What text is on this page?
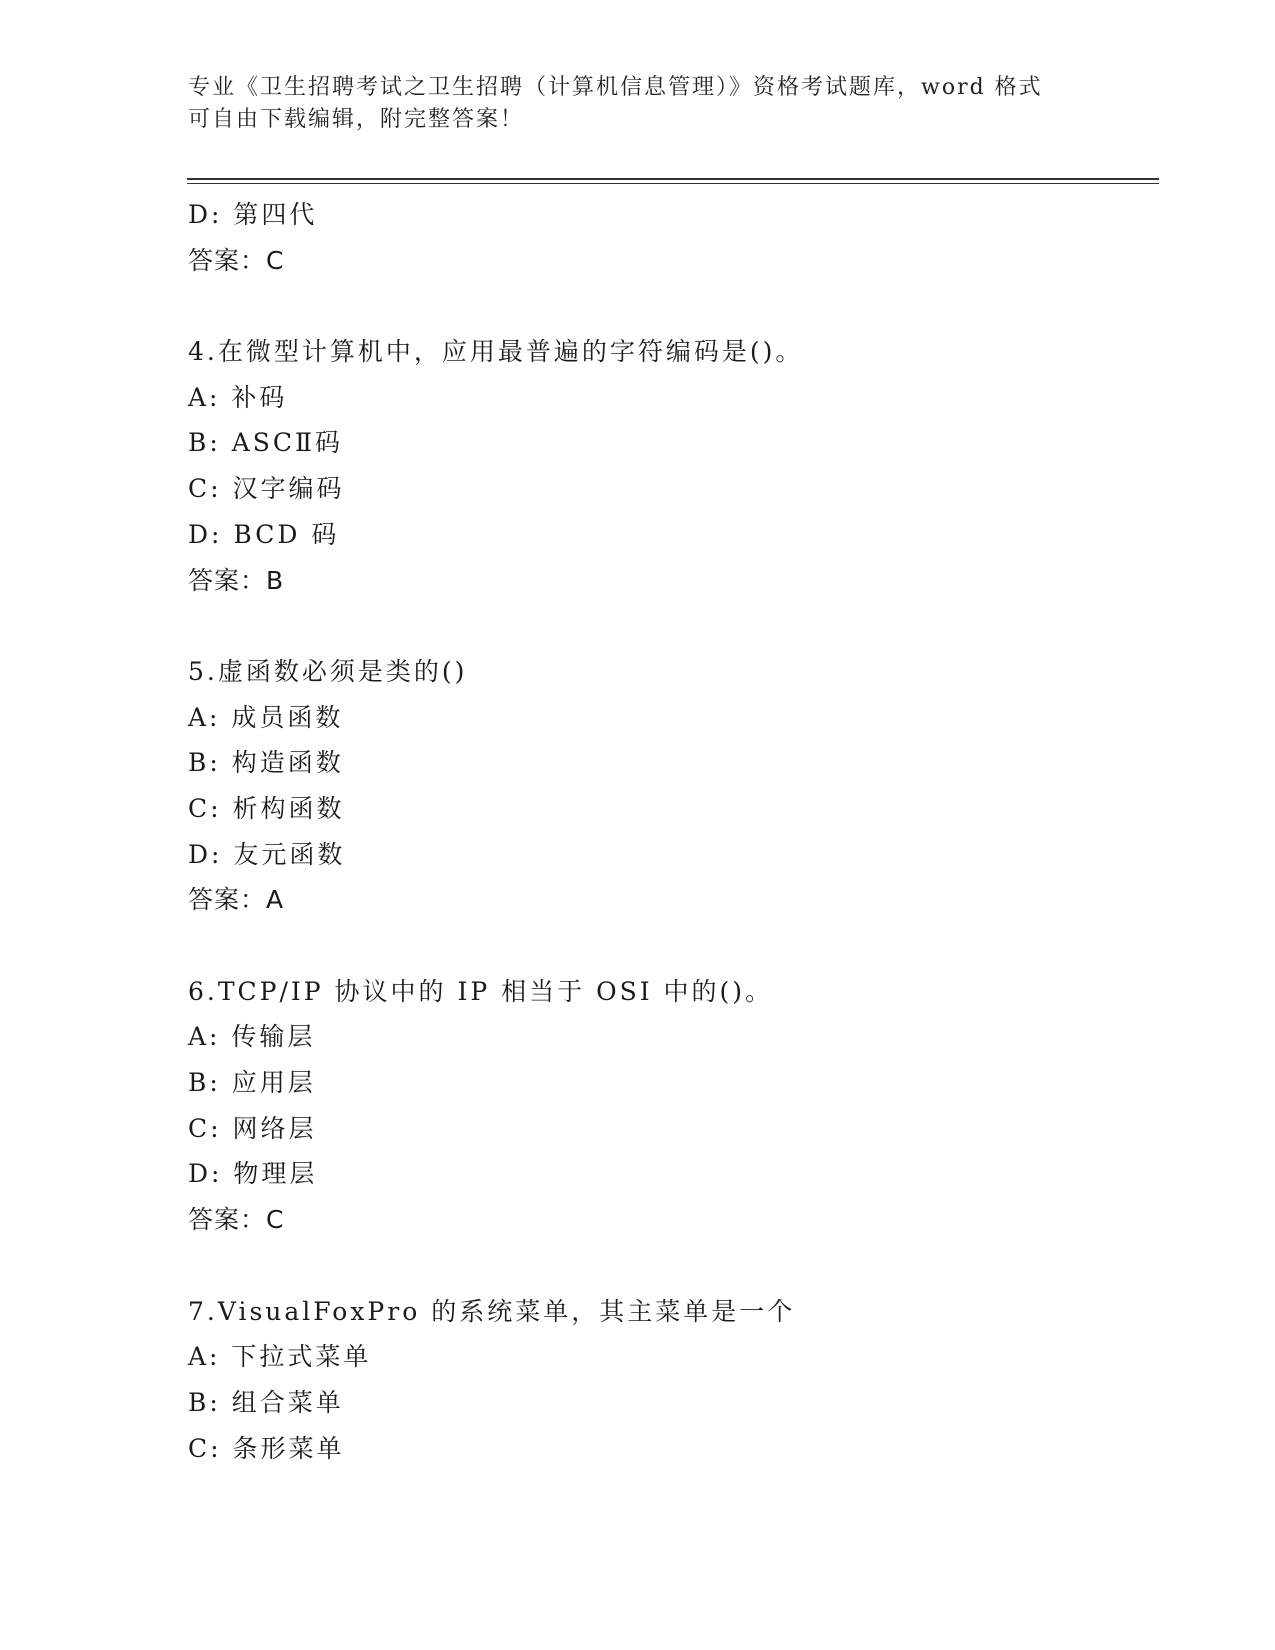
专业《卫生招聘考试之卫生招聘（计算机信息管理）》资格考试题库，word 格式
可自由下载编辑，附完整答案！
D: 第四代
答案：C
4.在微型计算机中，应用最普遍的字符编码是()。
A: 补码
B: ASCⅡ码
C: 汉字编码
D: BCD 码
答案：B
5.虚函数必须是类的()
A: 成员函数
B: 构造函数
C: 析构函数
D: 友元函数
答案：A
6.TCP/IP 协议中的 IP 相当于 OSI 中的()。
A: 传输层
B: 应用层
C: 网络层
D: 物理层
答案：C
7.VisualFoxPro 的系统菜单，其主菜单是一个
A: 下拉式菜单
B: 组合菜单
C: 条形菜单
